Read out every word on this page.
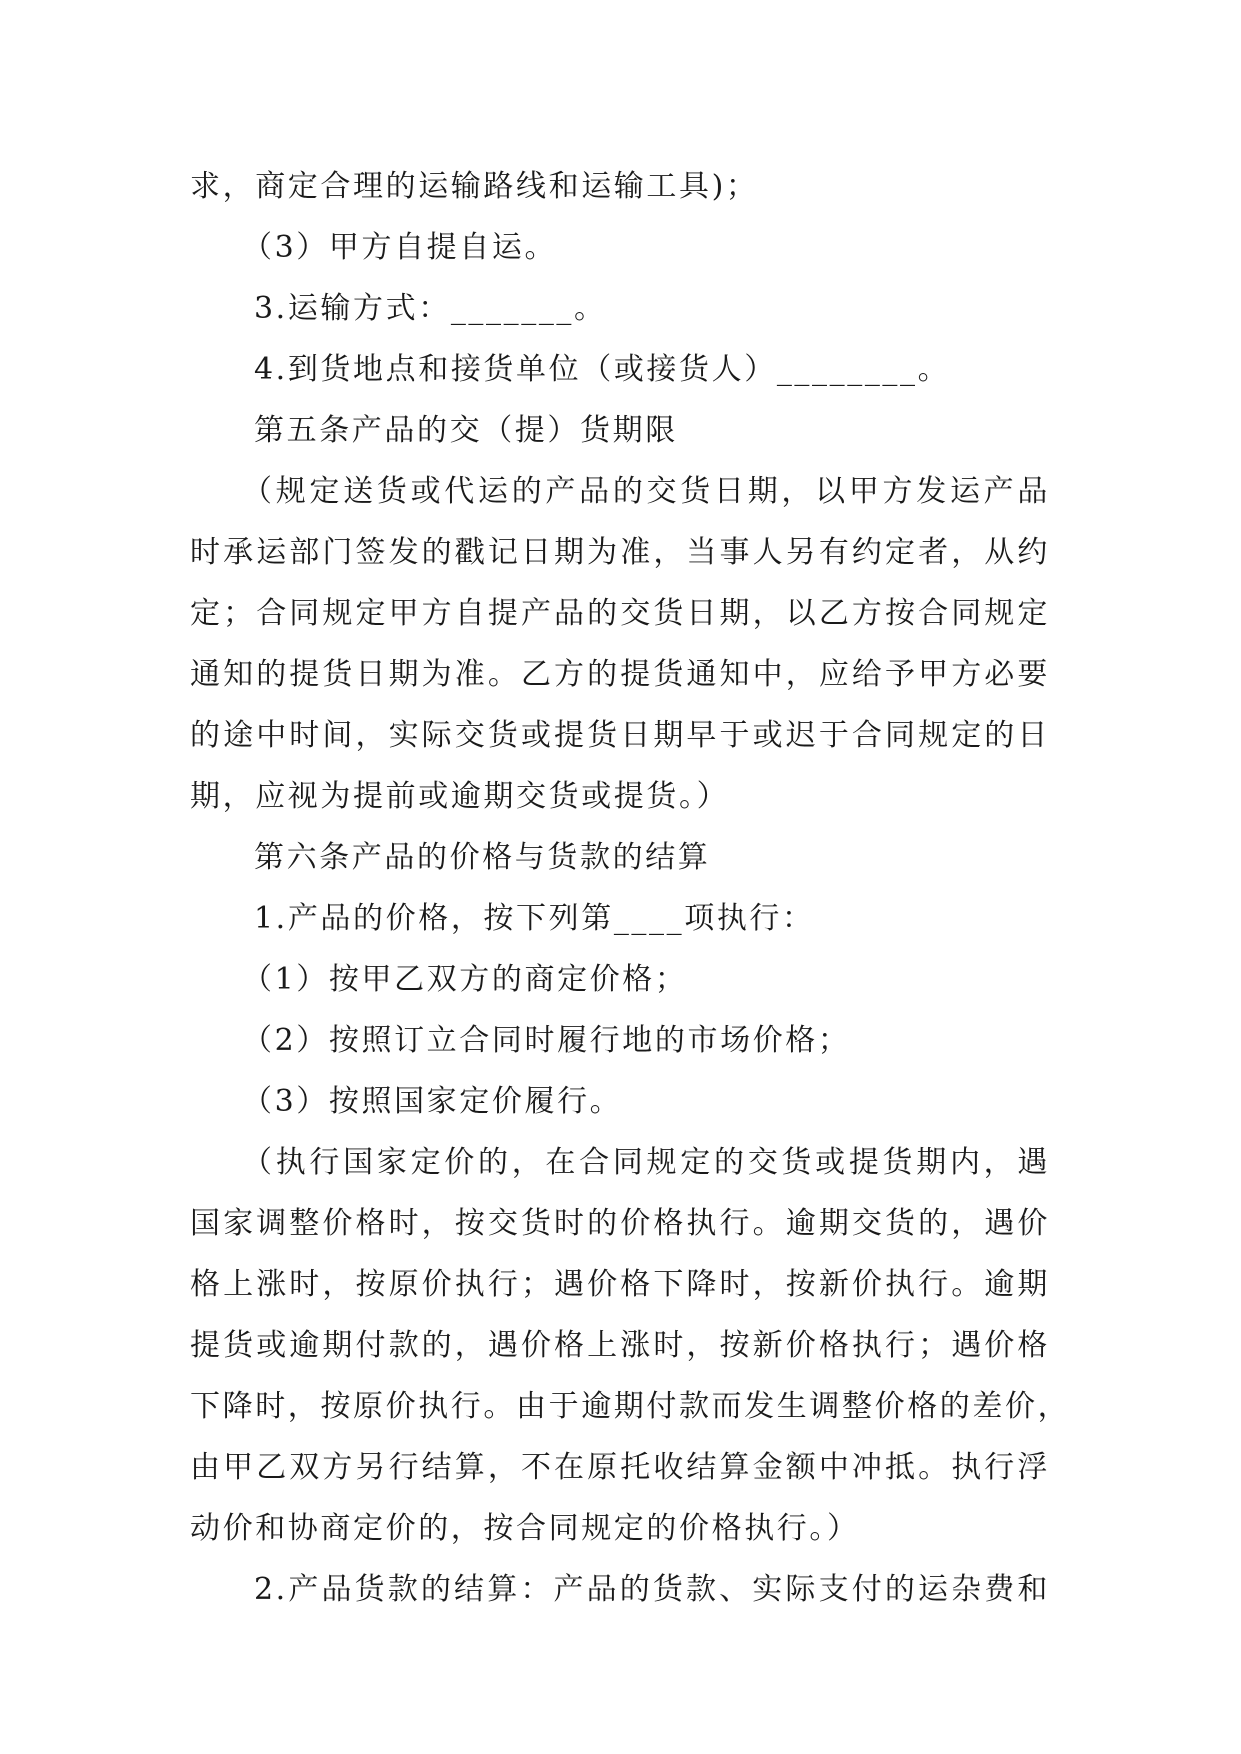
求，商定合理的运输路线和运输工具)；
（3）甲方自提自运。
3.运输方式：_______。
4.到货地点和接货单位（或接货人）________。
第五条产品的交（提）货期限
（规定送货或代运的产品的交货日期，以甲方发运产品
时承运部门签发的戳记日期为准，当事人另有约定者，从约
定；合同规定甲方自提产品的交货日期，以乙方按合同规定
通知的提货日期为准。乙方的提货通知中，应给予甲方必要
的途中时间，实际交货或提货日期早于或迟于合同规定的日
期，应视为提前或逾期交货或提货。）
第六条产品的价格与货款的结算
1.产品的价格，按下列第____项执行：
（1）按甲乙双方的商定价格；
（2）按照订立合同时履行地的市场价格；
（3）按照国家定价履行。
（执行国家定价的，在合同规定的交货或提货期内，遇
国家调整价格时，按交货时的价格执行。逾期交货的，遇价
格上涨时，按原价执行；遇价格下降时，按新价执行。逾期
提货或逾期付款的，遇价格上涨时，按新价格执行；遇价格
下降时，按原价执行。由于逾期付款而发生调整价格的差价，
由甲乙双方另行结算，不在原托收结算金额中冲抵。执行浮
动价和协商定价的，按合同规定的价格执行。）
2.产品货款的结算：产品的货款、实际支付的运杂费和
